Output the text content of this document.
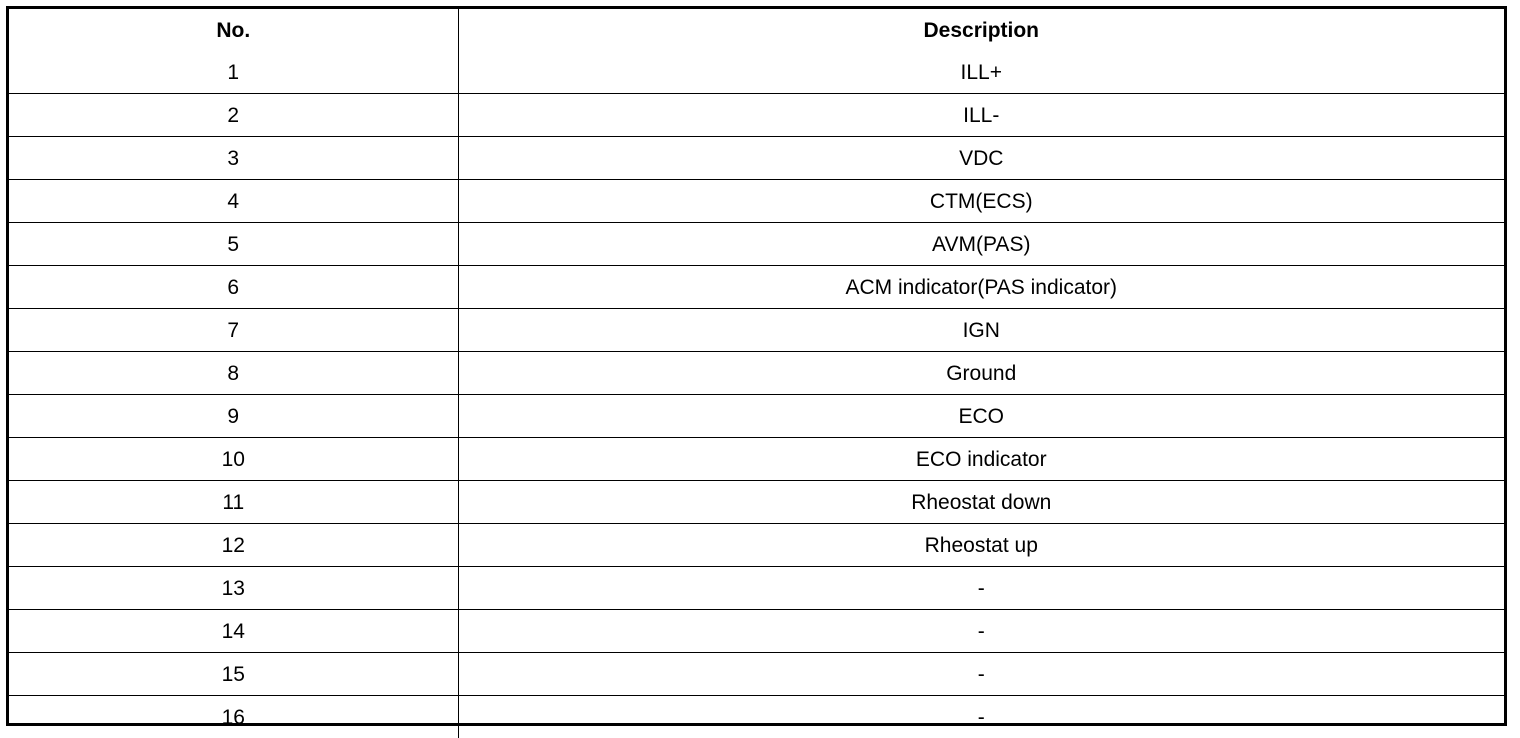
No.	Description
1	ILL+
2	ILL-
3	VDC
4	CTM(ECS)
5	AVM(PAS)
6	ACM indicator(PAS indicator)
7	IGN
8	Ground
9	ECO
10	ECO indicator
11	Rheostat down
12	Rheostat up
13	-
14	-
15	-
16	-
